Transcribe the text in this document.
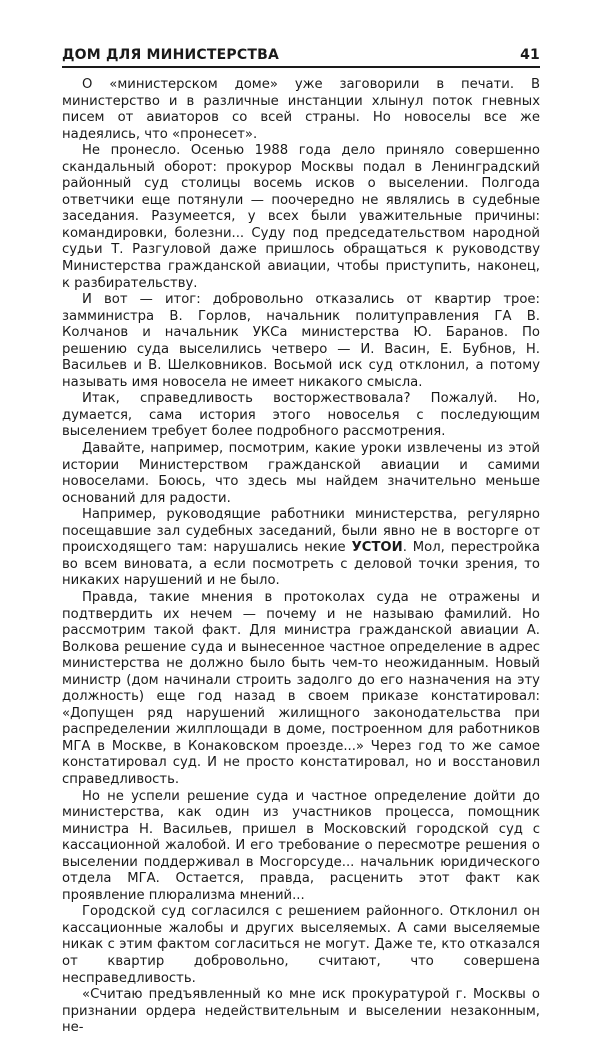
ДОМ ДЛЯ МИНИСТЕРСТВА	41

О «министерском доме» уже заговорили в печати. В министерство и в различные инстанции хлынул поток гневных писем от авиаторов со всей страны. Но новоселы все же надеялись, что «пронесет».

Не пронесло. Осенью 1988 года дело приняло совершенно скандальный оборот: прокурор Москвы подал в Ленинградский районный суд столицы восемь исков о выселении. Полгода ответчики еще потянули — поочередно не являлись в судебные заседания. Разумеется, у всех были уважительные причины: командировки, болезни... Суду под председательством народной судьи Т. Разгуловой даже пришлось обращаться к руководству Министерства гражданской авиации, чтобы приступить, наконец, к разбирательству.

И вот — итог: добровольно отказались от квартир трое: замминистра В. Горлов, начальник политуправления ГА В. Колчанов и начальник УКСа министерства Ю. Баранов. По решению суда выселились четверо — И. Васин, Е. Бубнов, Н. Васильев и В. Шелковников. Восьмой иск суд отклонил, а потому называть имя новосела не имеет никакого смысла.

Итак, справедливость восторжествовала? Пожалуй. Но, думается, сама история этого новоселья с последующим выселением требует более подробного рассмотрения.

Давайте, например, посмотрим, какие уроки извлечены из этой истории Министерством гражданской авиации и самими новоселами. Боюсь, что здесь мы найдем значительно меньше оснований для радости.

Например, руководящие работники министерства, регулярно посещавшие зал судебных заседаний, были явно не в восторге от происходящего там: нарушались некие УСТОИ. Мол, перестройка во всем виновата, а если посмотреть с деловой точки зрения, то никаких нарушений и не было.

Правда, такие мнения в протоколах суда не отражены и подтвердить их нечем — почему и не называю фамилий. Но рассмотрим такой факт. Для министра гражданской авиации А. Волкова решение суда и вынесенное частное определение в адрес министерства не должно было быть чем-то неожиданным. Новый министр (дом начинали строить задолго до его назначения на эту должность) еще год назад в своем приказе констатировал: «Допущен ряд нарушений жилищного законодательства при распределении жилплощади в доме, построенном для работников МГА в Москве, в Конаковском проезде...» Через год то же самое констатировал суд. И не просто констатировал, но и восстановил справедливость.

Но не успели решение суда и частное определение дойти до министерства, как один из участников процесса, помощник министра Н. Васильев, пришел в Московский городской суд с кассационной жалобой. И его требование о пересмотре решения о выселении поддерживал в Мосгорсуде... начальник юридического отдела МГА. Остается, правда, расценить этот факт как проявление плюрализма мнений...

Городской суд согласился с решением районного. Отклонил он кассационные жалобы и других выселяемых. А сами выселяемые никак с этим фактом согласиться не могут. Даже те, кто отказался от квартир добровольно, считают, что совершена несправедливость.

«Считаю предъявленный ко мне иск прокуратурой г. Москвы о признании ордера недействительным и выселении незаконным, не-
